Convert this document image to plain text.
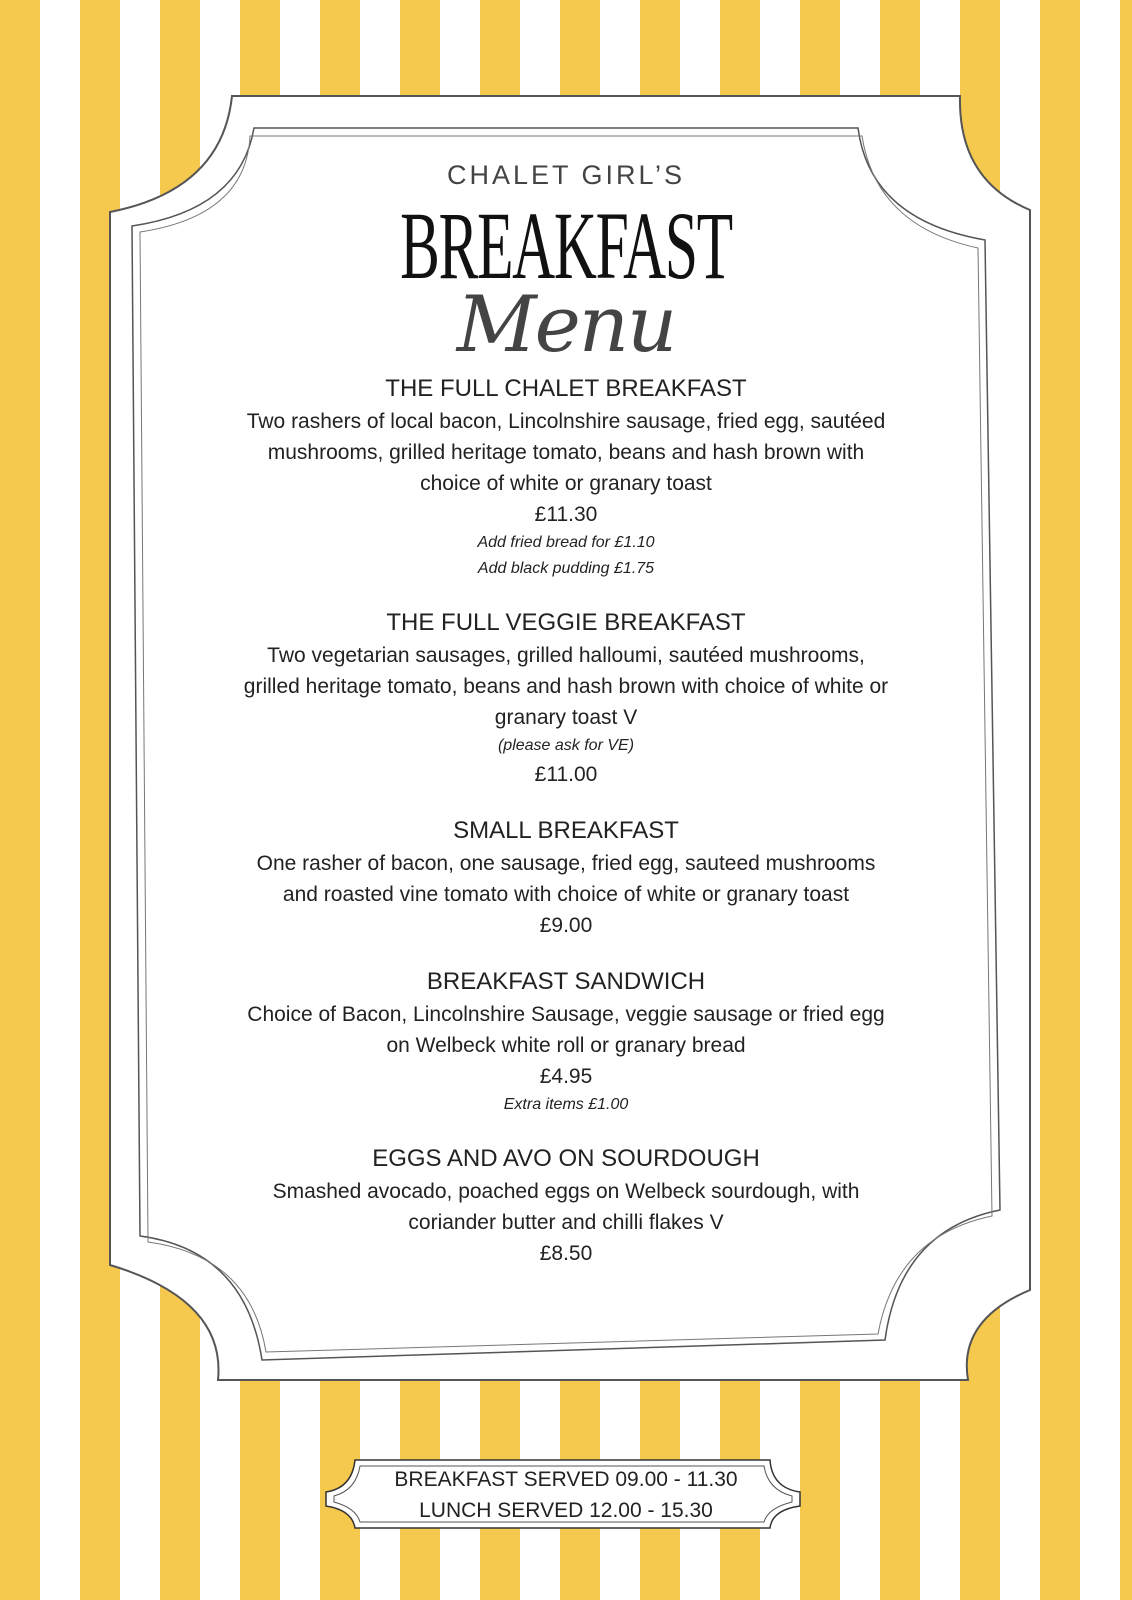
CHALET GIRL’S
BREAKFAST
Menu
THE FULL CHALET BREAKFAST
Two rashers of local bacon, Lincolnshire sausage, fried egg, sautéed mushrooms, grilled heritage tomato, beans and hash brown with choice of white or granary toast
£11.30
Add fried bread for £1.10
Add black pudding £1.75
THE FULL VEGGIE BREAKFAST
Two vegetarian sausages, grilled halloumi, sautéed mushrooms, grilled heritage tomato, beans and hash brown with choice of white or granary toast V
(please ask for VE)
£11.00
SMALL BREAKFAST
One rasher of bacon, one sausage, fried egg, sauteed mushrooms and roasted vine tomato with choice of white or granary toast
£9.00
BREAKFAST SANDWICH
Choice of Bacon, Lincolnshire Sausage, veggie sausage or fried egg on Welbeck white roll or granary bread
£4.95
Extra items £1.00
EGGS AND AVO ON SOURDOUGH
Smashed avocado, poached eggs on Welbeck sourdough, with coriander butter and chilli flakes V
£8.50
BREAKFAST SERVED 09.00 - 11.30
LUNCH SERVED 12.00 - 15.30
